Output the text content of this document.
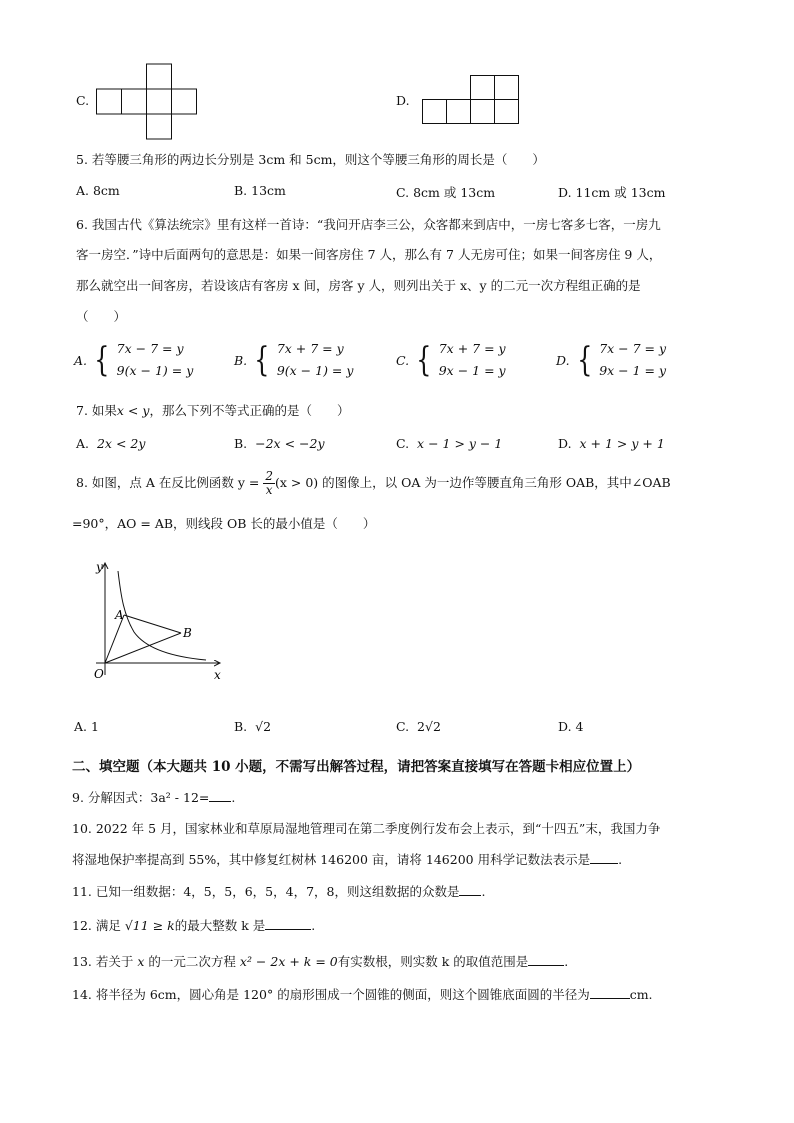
C.	D.
5. 若等腰三角形的两边长分别是 3cm 和 5cm，则这个等腰三角形的周长是（　　）
A. 8cm	B. 13cm	C. 8cm 或 13cm	D. 11cm 或 13cm
6. 我国古代《算法统宗》里有这样一首诗：“我问开店李三公，众客都来到店中，一房七客多七客，一房九
客一房空．”诗中后面两句的意思是：如果一间客房住 7 人，那么有 7 人无房可住；如果一间客房住 9 人，
那么就空出一间客房，若设该店有客房 x 间，房客 y 人，则列出关于 x、y 的二元一次方程组正确的是
（　　）
A. { 7x − 7 = y
9(x − 1) = y
B. { 7x + 7 = y
9(x − 1) = y
C. { 7x + 7 = y
9x − 1 = y
D. { 7x − 7 = y
9x − 1 = y
7. 如果x < y，那么下列不等式正确的是（　　）
A. 2x < 2y	B. −2x < −2y	C. x − 1 > y − 1	D. x + 1 > y + 1
8. 如图，点 A 在反比例函数 $y = \frac{2}{x} (x > 0)$ 的图像上，以 OA 为一边作等腰直角三角形 OAB，其中∠OAB
=90°，AO = AB，则线段 OB 长的最小值是（　　）
y
A
B
O	x
A. 1	B. √2	C. 2√2	D. 4
二、填空题（本大题共 10 小题，不需写出解答过程，请把答案直接填写在答题卡相应位置上）
9. 分解因式：3a² - 12= .
10. 2022 年 5 月，国家林业和草原局湿地管理司在第二季度例行发布会上表示，到“十四五”末，我国力争
将湿地保护率提高到 55%，其中修复红树林 146200 亩，请将 146200 用科学记数法表示是 .
11. 已知一组数据：4，5，5，6，5，4，7，8，则这组数据的众数是 .
12. 满足 √11 ≥ k的最大整数 k 是	.
13. 若关于 x 的一元二次方程 x² − 2x + k = 0有实数根，则实数 k 的取值范围是	.
14. 将半径为 6cm，圆心角是 120° 的扇形围成一个圆锥的侧面，则这个圆锥底面圆的半径为	cm.
